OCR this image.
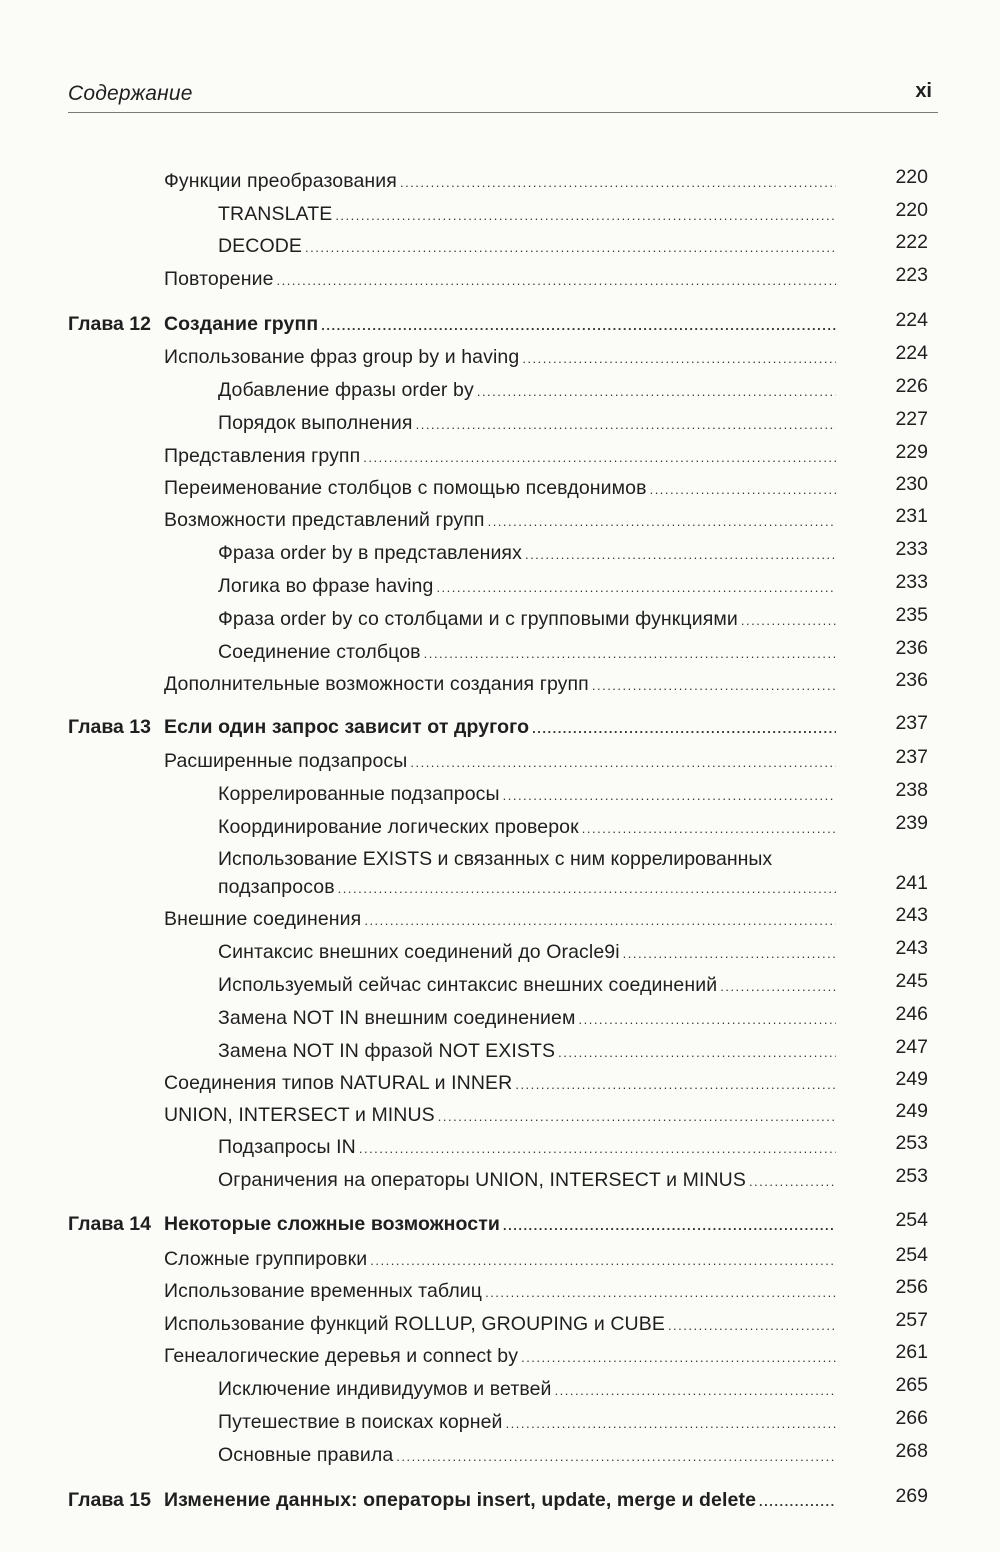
Содержание	xi
Функции преобразования .....	220
TRANSLATE .....	220
DECODE .....	222
Повторение .....	223
Глава 12 Создание групп .....	224
Использование фраз group by и having .....	224
Добавление фразы order by .....	226
Порядок выполнения .....	227
Представления групп .....	229
Переименование столбцов с помощью псевдонимов .....	230
Возможности представлений групп .....	231
Фраза order by в представлениях .....	233
Логика во фразе having .....	233
Фраза order by со столбцами и с групповыми функциями .....	235
Соединение столбцов .....	236
Дополнительные возможности создания групп .....	236
Глава 13 Если один запрос зависит от другого .....	237
Расширенные подзапросы .....	237
Коррелированные подзапросы .....	238
Координирование логических проверок .....	239
Использование EXISTS и связанных с ним коррелированных
подзапросов .....	241
Внешние соединения .....	243
Синтаксис внешних соединений до Oracle9i .....	243
Используемый сейчас синтаксис внешних соединений .....	245
Замена NOT IN внешним соединением .....	246
Замена NOT IN фразой NOT EXISTS .....	247
Соединения типов NATURAL и INNER .....	249
UNION, INTERSECT и MINUS .....	249
Подзапросы IN .....	253
Ограничения на операторы UNION, INTERSECT и MINUS .....	253
Глава 14 Некоторые сложные возможности .....	254
Сложные группировки .....	254
Использование временных таблиц .....	256
Использование функций ROLLUP, GROUPING и CUBE .....	257
Генеалогические деревья и connect by .....	261
Исключение индивидуумов и ветвей .....	265
Путешествие в поисках корней .....	266
Основные правила .....	268
Глава 15 Изменение данных: операторы insert, update, merge и delete .....	269
